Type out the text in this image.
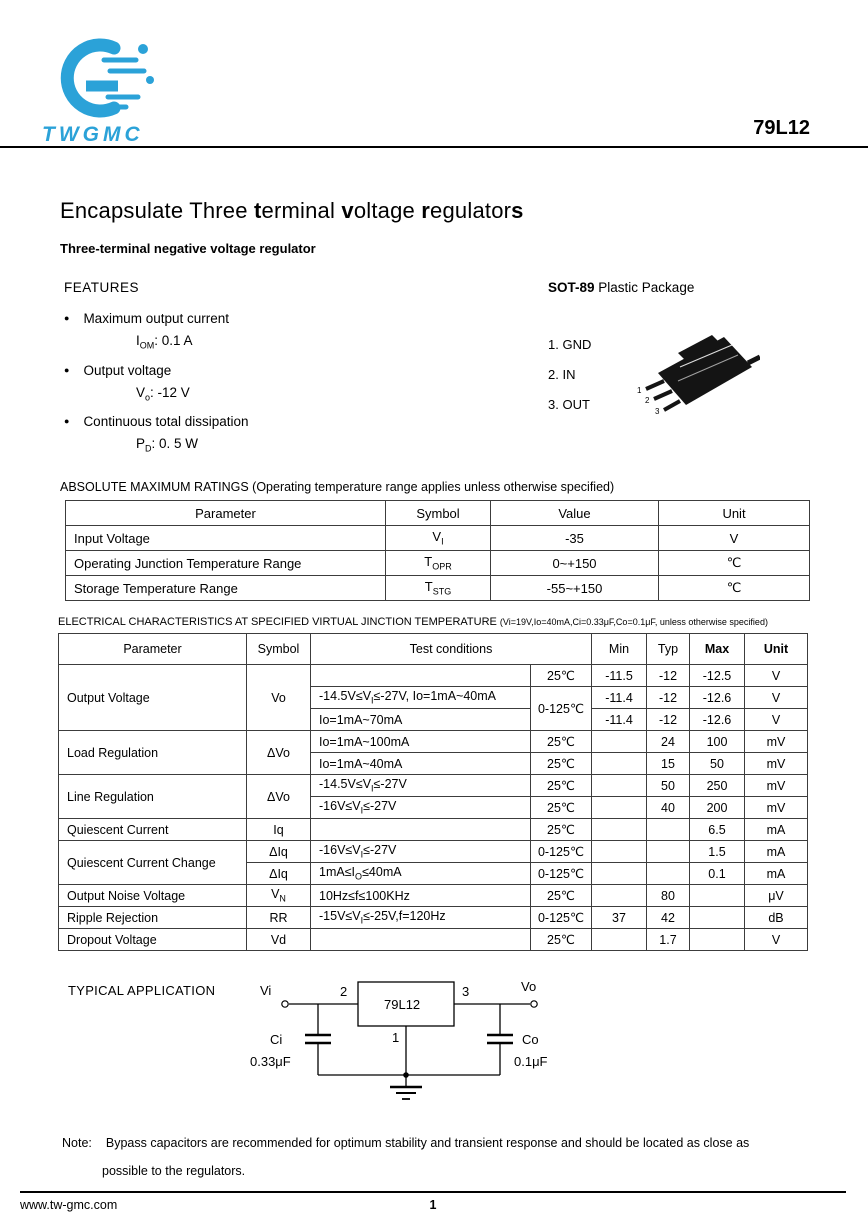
TWGMC	79L12
Encapsulate Three terminal voltage regulators
Three-terminal negative voltage regulator
FEATURES
● Maximum output current
$I_{OM}$: 0.1 A
● Output voltage
$V_o$: -12 V
● Continuous total dissipation
$P_D$: 0. 5 W
SOT-89 Plastic Package
1. GND
2. IN
3. OUT
1
2
3
ABSOLUTE MAXIMUM RATINGS (Operating temperature range applies unless otherwise specified)
Parameter	Symbol	Value	Unit
Input Voltage	$V_I$	-35	V
Operating Junction Temperature Range	$T_{OPR}$	0~+150	℃
Storage Temperature Range	$T_{STG}$	-55~+150	℃
ELECTRICAL CHARACTERISTICS AT SPECIFIED VIRTUAL JINCTION TEMPERATURE (Vi=19V,Io=40mA,Ci=0.33μF,Co=0.1μF, unless otherwise specified)
Parameter	Symbol	Test conditions		Min	Typ	Max	Unit
Output Voltage	Vo		25℃	-11.5	-12	-12.5	V
		$-14.5V\le V_I\le-27V$, Io=1mA~40mA	0-125℃	-11.4	-12	-12.6	V
		Io=1mA~70mA		-11.4	-12	-12.6	V
Load Regulation	ΔVo	Io=1mA~100mA	25℃		24	100	mV
		Io=1mA~40mA	25℃		15	50	mV
Line Regulation	ΔVo	$-14.5V\le V_I\le-27V$	25℃		50	250	mV
		$-16V\le V_I\le-27V$	25℃		40	200	mV
Quiescent Current	Iq		25℃			6.5	mA
Quiescent Current Change	ΔIq	$-16V\le V_I\le-27V$	0-125℃			1.5	mA
	ΔIq	$1mA\le I_O\le 40mA$	0-125℃			0.1	mA
Output Noise Voltage	$V_N$	10Hz≤f≤100KHz	25℃		80		μV
Ripple Rejection	RR	$-15V\le V_I\le-25V,f=120Hz$	0-125℃	37	42		dB
Dropout Voltage	Vd		25℃		1.7		V
TYPICAL APPLICATION	Vi	Vo
2	3
1
79L12
Ci
0.33μF
Co
0.1μF
Note: Bypass capacitors are recommended for optimum stability and transient response and should be located as close as
possible to the regulators.
www.tw-gmc.com	1
